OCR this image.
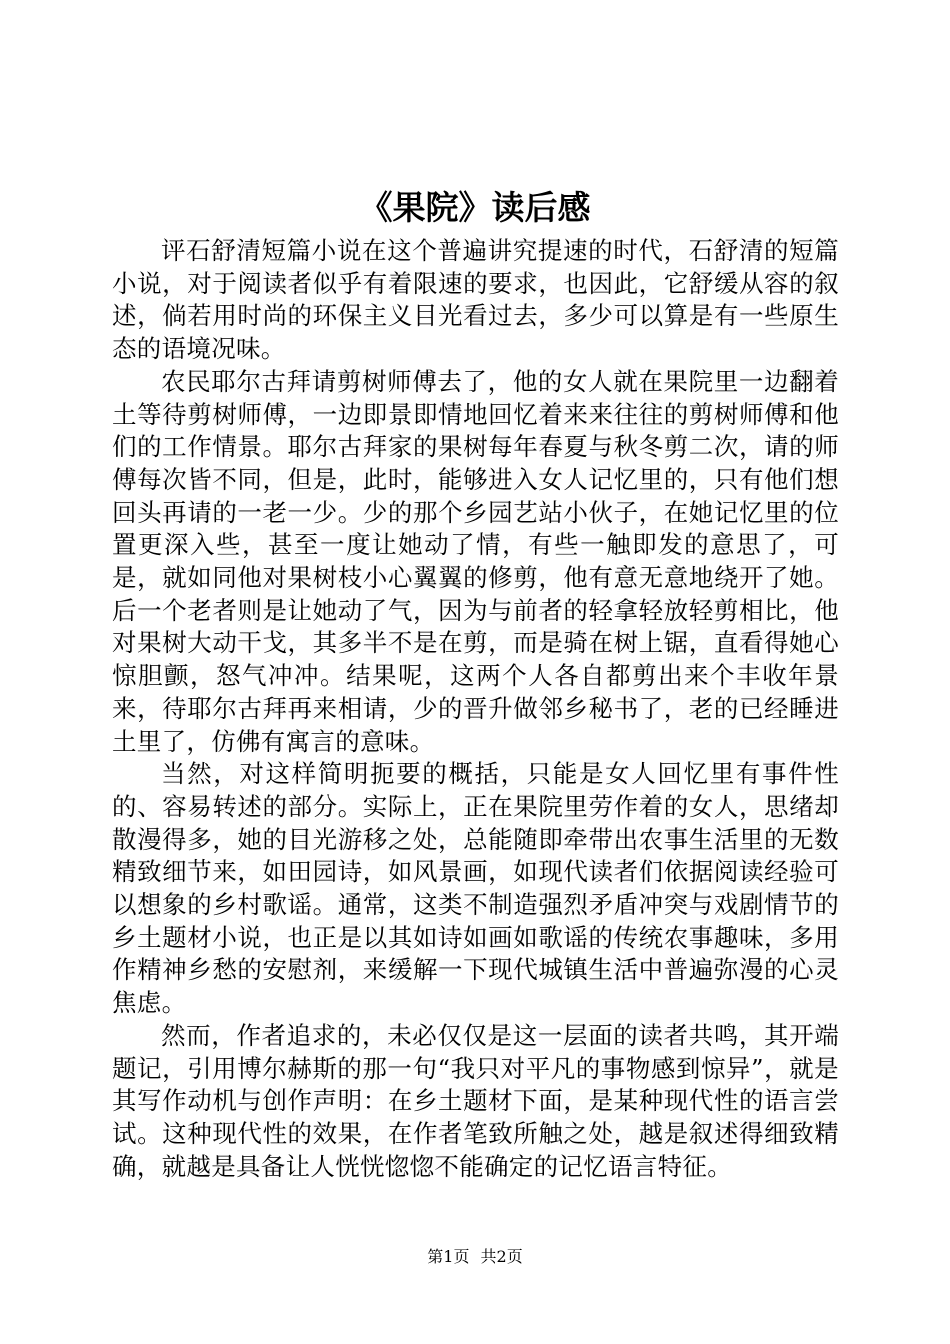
《果院》读后感

评石舒清短篇小说在这个普遍讲究提速的时代，石舒清的短篇小说，对于阅读者似乎有着限速的要求，也因此，它舒缓从容的叙述，倘若用时尚的环保主义目光看过去，多少可以算是有一些原生态的语境况味。

农民耶尔古拜请剪树师傅去了，他的女人就在果院里一边翻着土等待剪树师傅，一边即景即情地回忆着来来往往的剪树师傅和他们的工作情景。耶尔古拜家的果树每年春夏与秋冬剪二次，请的师傅每次皆不同，但是，此时，能够进入女人记忆里的，只有他们想回头再请的一老一少。少的那个乡园艺站小伙子，在她记忆里的位置更深入些，甚至一度让她动了情，有些一触即发的意思了，可是，就如同他对果树枝小心翼翼的修剪，他有意无意地绕开了她。后一个老者则是让她动了气，因为与前者的轻拿轻放轻剪相比，他对果树大动干戈，其多半不是在剪，而是骑在树上锯，直看得她心惊胆颤，怒气冲冲。结果呢，这两个人各自都剪出来个丰收年景来，待耶尔古拜再来相请，少的晋升做邻乡秘书了，老的已经睡进土里了，仿佛有寓言的意味。

当然，对这样简明扼要的概括，只能是女人回忆里有事件性的、容易转述的部分。实际上，正在果院里劳作着的女人，思绪却散漫得多，她的目光游移之处，总能随即牵带出农事生活里的无数精致细节来，如田园诗，如风景画，如现代读者们依据阅读经验可以想象的乡村歌谣。通常，这类不制造强烈矛盾冲突与戏剧情节的乡土题材小说，也正是以其如诗如画如歌谣的传统农事趣味，多用作精神乡愁的安慰剂，来缓解一下现代城镇生活中普遍弥漫的心灵焦虑。

然而，作者追求的，未必仅仅是这一层面的读者共鸣，其开端题记，引用博尔赫斯的那一句“我只对平凡的事物感到惊异”，就是其写作动机与创作声明：在乡土题材下面，是某种现代性的语言尝试。这种现代性的效果，在作者笔致所触之处，越是叙述得细致精确，就越是具备让人恍恍惚惚不能确定的记忆语言特征。

第1页 共2页
